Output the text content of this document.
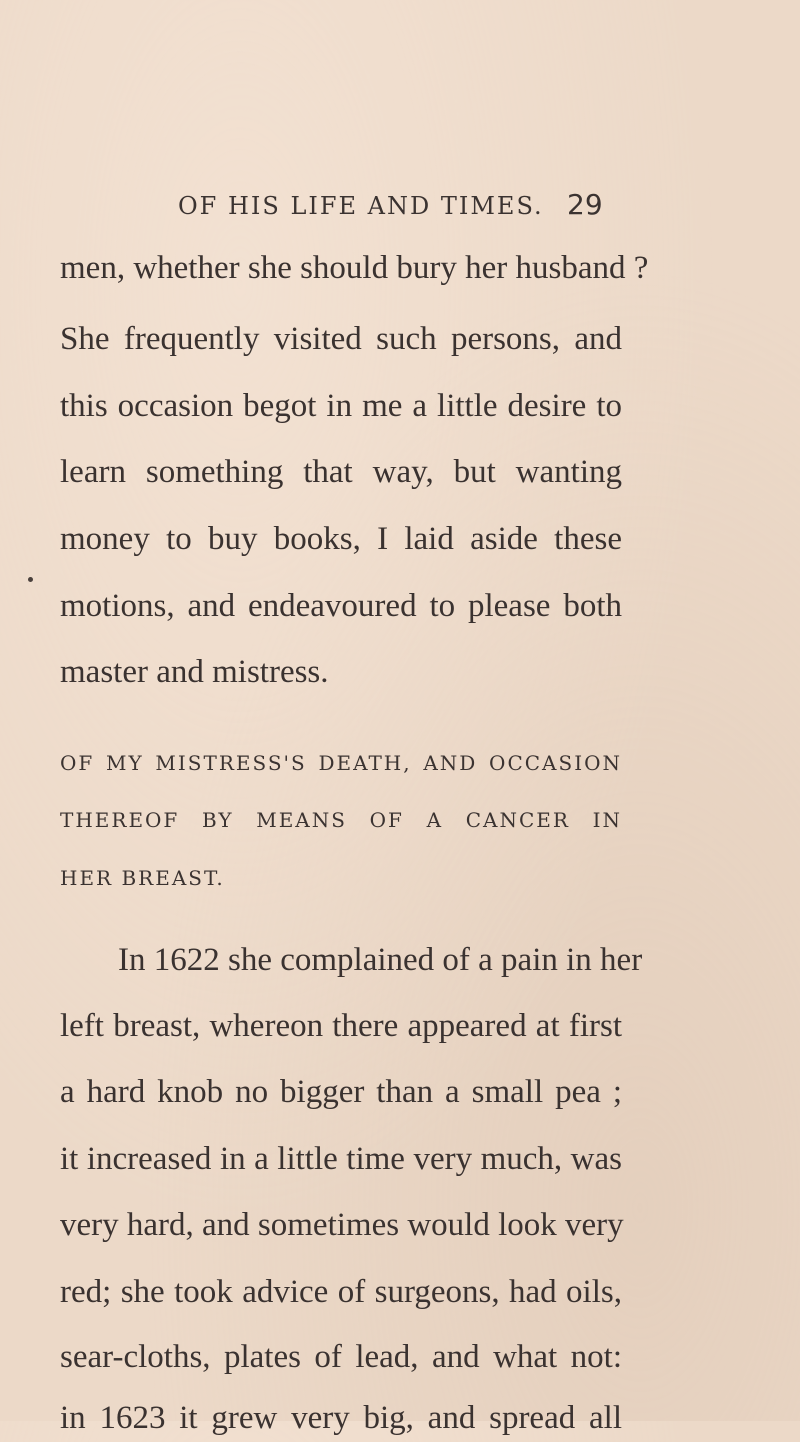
OF HIS LIFE AND TIMES. 29
men, whether she should bury her husband ?
She frequently visited such persons, and
this occasion begot in me a little desire to
learn something that way, but wanting
money to buy books, I laid aside these
motions, and endeavoured to please both
master and mistress.
OF MY MISTRESS'S DEATH, AND OCCASION
THEREOF BY MEANS OF A CANCER IN
HER BREAST.
In 1622 she complained of a pain in her
left breast, whereon there appeared at first
a hard knob no bigger than a small pea ;
it increased in a little time very much, was
very hard, and sometimes would look very
red; she took advice of surgeons, had oils,
sear-cloths, plates of lead, and what not:
in 1623 it grew very big, and spread all
